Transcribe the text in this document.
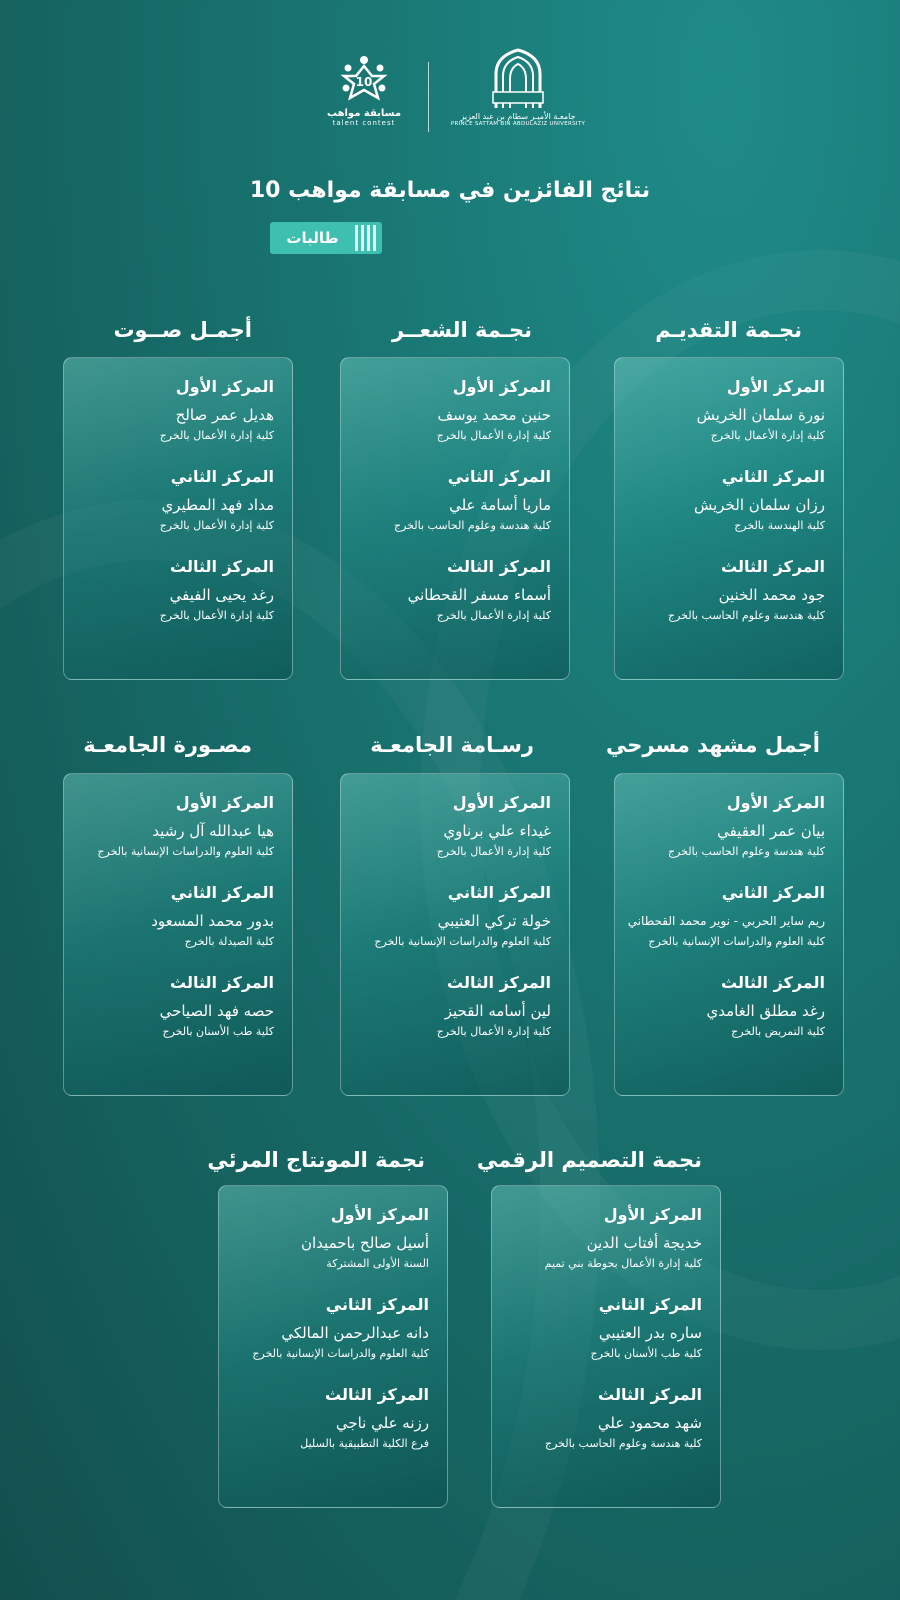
جامعـة الأميـر سطام بن عبد العزيز
PRINCE SATTAM BIN ABDULAZIZ UNIVERSITY
10
مسابقة مواهب
talent contest
نتائج الفائزين في مسابقة مواهب 10
طالبات
نجـمة التقديـم
المركز الأول
نورة سلمان الخريش
كلية إدارة الأعمال بالخرج
المركز الثاني
رزان سلمان الخريش
كلية الهندسة بالخرج
المركز الثالث
جود محمد الخنين
كلية هندسة وعلوم الحاسب بالخرج
نجـمة الشعــر
المركز الأول
حنين محمد يوسف
كلية إدارة الأعمال بالخرج
المركز الثاني
ماريا أسامة علي
كلية هندسة وعلوم الحاسب بالخرج
المركز الثالث
أسماء مسفر القحطاني
كلية إدارة الأعمال بالخرج
أجمـل صــوت
المركز الأول
هديل عمر صالح
كلية إدارة الأعمال بالخرج
المركز الثاني
مداد فهد المطيري
كلية إدارة الأعمال بالخرج
المركز الثالث
رغد يحيى الفيفي
كلية إدارة الأعمال بالخرج
أجمل مشهد مسرحي
المركز الأول
بيان عمر العقيفي
كلية هندسة وعلوم الحاسب بالخرج
المركز الثاني
ريم ساير الحربي - نوير محمد القحطاني
كلية العلوم والدراسات الإنسانية بالخرج
المركز الثالث
رغد مطلق الغامدي
كلية التمريض بالخرج
رسـامة الجامعـة
المركز الأول
غيداء علي برناوي
كلية إدارة الأعمال بالخرج
المركز الثاني
خولة تركي العتيبي
كلية العلوم والدراسات الإنسانية بالخرج
المركز الثالث
لين أسامه القحيز
كلية إدارة الأعمال بالخرج
مصـورة الجامعـة
المركز الأول
هيا عبدالله آل رشيد
كلية العلوم والدراسات الإنسانية بالخرج
المركز الثاني
بدور محمد المسعود
كلية الصيدلة بالخرج
المركز الثالث
حصه فهد الصياحي
كلية طب الأسنان بالخرج
نجمة التصميم الرقمي
المركز الأول
خديجة أفتاب الدين
كلية إدارة الأعمال بحوطة بني تميم
المركز الثاني
ساره بدر العتيبي
كلية طب الأسنان بالخرج
المركز الثالث
شهد محمود علي
كلية هندسة وعلوم الحاسب بالخرج
نجمة المونتاج المرئي
المركز الأول
أسيل صالح باحميدان
السنة الأولى المشتركة
المركز الثاني
دانه عبدالرحمن المالكي
كلية العلوم والدراسات الإنسانية بالخرج
المركز الثالث
رزنه علي ناجي
فرع الكلية التطبيقية بالسليل
